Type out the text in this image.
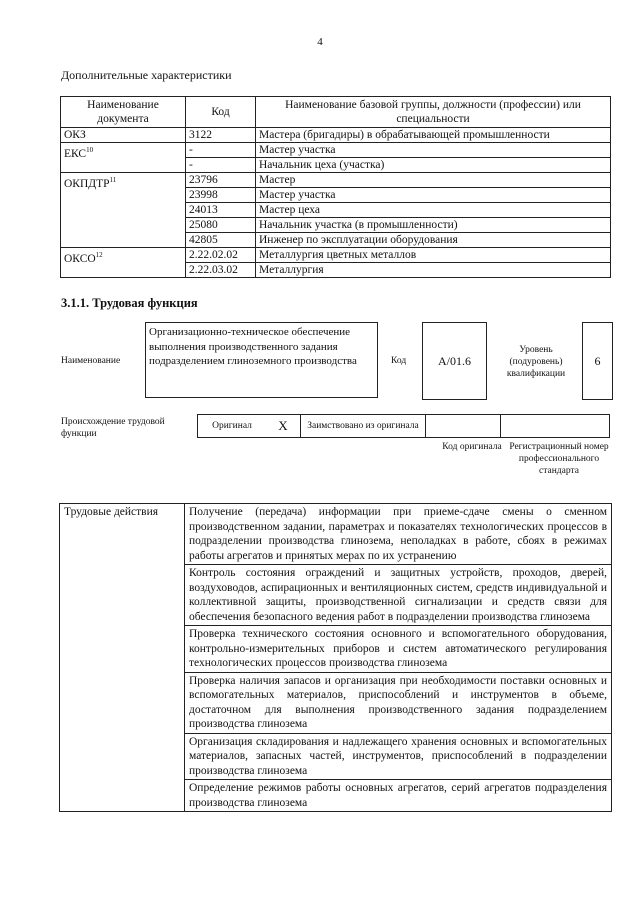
4
Дополнительные характеристики
Наименование документа	Код	Наименование базовой группы, должности (профессии) или специальности
ОКЗ	3122	Мастера (бригадиры) в обрабатывающей промышленности
ЕКС$^{10}$	-	Мастер участка
	-	Начальник цеха (участка)
ОКПДТР$^{11}$	23796	Мастер
	23998	Мастер участка
	24013	Мастер цеха
	25080	Начальник участка (в промышленности)
	42805	Инженер по эксплуатации оборудования
ОКСО$^{12}$	2.22.02.02	Металлургия цветных металлов
	2.22.03.02	Металлургия
3.1.1. Трудовая функция
Наименование
Организационно-техническое обеспечение выполнения производственного задания подразделением глиноземного производства	Код	A/01.6
Уровень (подуровень) квалификации
6
Происхождение трудовой функции
Оригинал	X	Заимствовано из оригинала		
Код оригинала Регистрационный номер профессионального стандарта
Трудовые действия	Получение (передача) информации при приеме-сдаче смены о сменном производственном задании, параметрах и показателях технологических процессов в подразделении производства глинозема, неполадках в работе, сбоях в режимах работы агрегатов и принятых мерах по их устранению
Контроль состояния ограждений и защитных устройств, проходов, дверей, воздуховодов, аспирационных и вентиляционных систем, средств индивидуальной и коллективной защиты, производственной сигнализации и средств связи для обеспечения безопасного ведения работ в подразделении производства глинозема
Проверка технического состояния основного и вспомогательного оборудования, контрольно-измерительных приборов и систем автоматического регулирования технологических процессов производства глинозема
Проверка наличия запасов и организация при необходимости поставки основных и вспомогательных материалов, приспособлений и инструментов в объеме, достаточном для выполнения производственного задания подразделением производства глинозема
Организация складирования и надлежащего хранения основных и вспомогательных материалов, запасных частей, инструментов, приспособлений в подразделении производства глинозема
Определение режимов работы основных агрегатов, серий агрегатов подразделения производства глинозема
